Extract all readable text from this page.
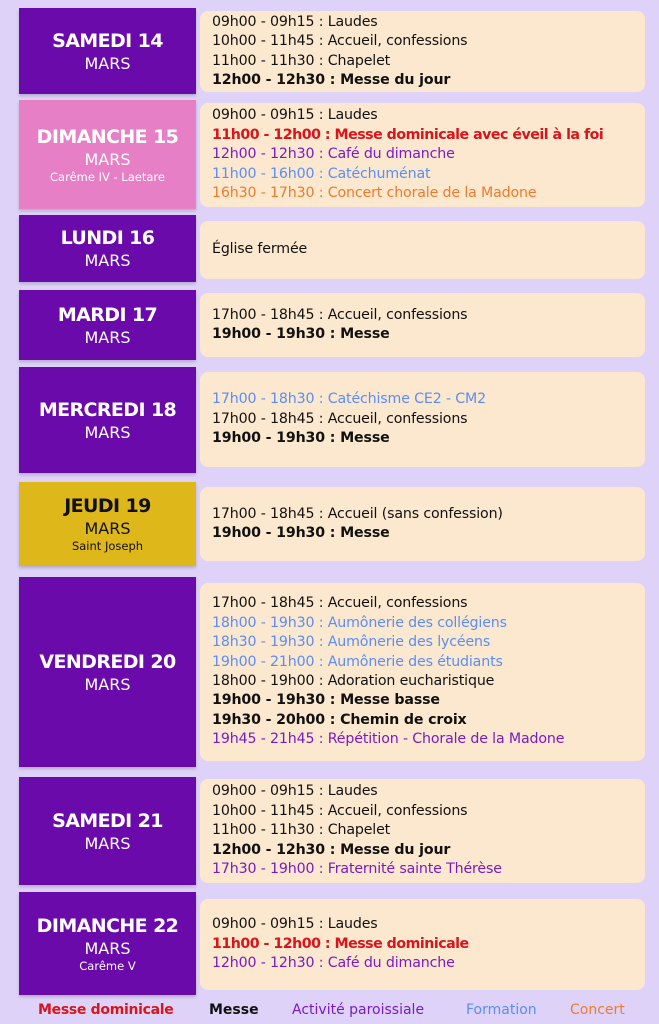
SAMEDI 14
MARS
09h00 - 09h15 : Laudes
10h00 - 11h45 : Accueil, confessions
11h00 - 11h30 : Chapelet
12h00 - 12h30 : Messe du jour
DIMANCHE 15
MARS
Carême IV - Laetare
09h00 - 09h15 : Laudes
11h00 - 12h00 : Messe dominicale avec éveil à la foi
12h00 - 12h30 : Café du dimanche
11h00 - 16h00 : Catéchuménat
16h30 - 17h30 : Concert chorale de la Madone
LUNDI 16
MARS
Église fermée
MARDI 17
MARS
17h00 - 18h45 : Accueil, confessions
19h00 - 19h30 : Messe
MERCREDI 18
MARS
17h00 - 18h30 : Catéchisme CE2 - CM2
17h00 - 18h45 : Accueil, confessions
19h00 - 19h30 : Messe
JEUDI 19
MARS
Saint Joseph
17h00 - 18h45 : Accueil (sans confession)
19h00 - 19h30 : Messe
VENDREDI 20
MARS
17h00 - 18h45 : Accueil, confessions
18h00 - 19h30 : Aumônerie des collégiens
18h30 - 19h30 : Aumônerie des lycéens
19h00 - 21h00 : Aumônerie des étudiants
18h00 - 19h00 : Adoration eucharistique
19h00 - 19h30 : Messe basse
19h30 - 20h00 : Chemin de croix
19h45 - 21h45 : Répétition - Chorale de la Madone
SAMEDI 21
MARS
09h00 - 09h15 : Laudes
10h00 - 11h45 : Accueil, confessions
11h00 - 11h30 : Chapelet
12h00 - 12h30 : Messe du jour
17h30 - 19h00 : Fraternité sainte Thérèse
DIMANCHE 22
MARS
Carême V
09h00 - 09h15 : Laudes
11h00 - 12h00 : Messe dominicale
12h00 - 12h30 : Café du dimanche
Messe dominicale	Messe Activité paroissiale	Formation Concert
